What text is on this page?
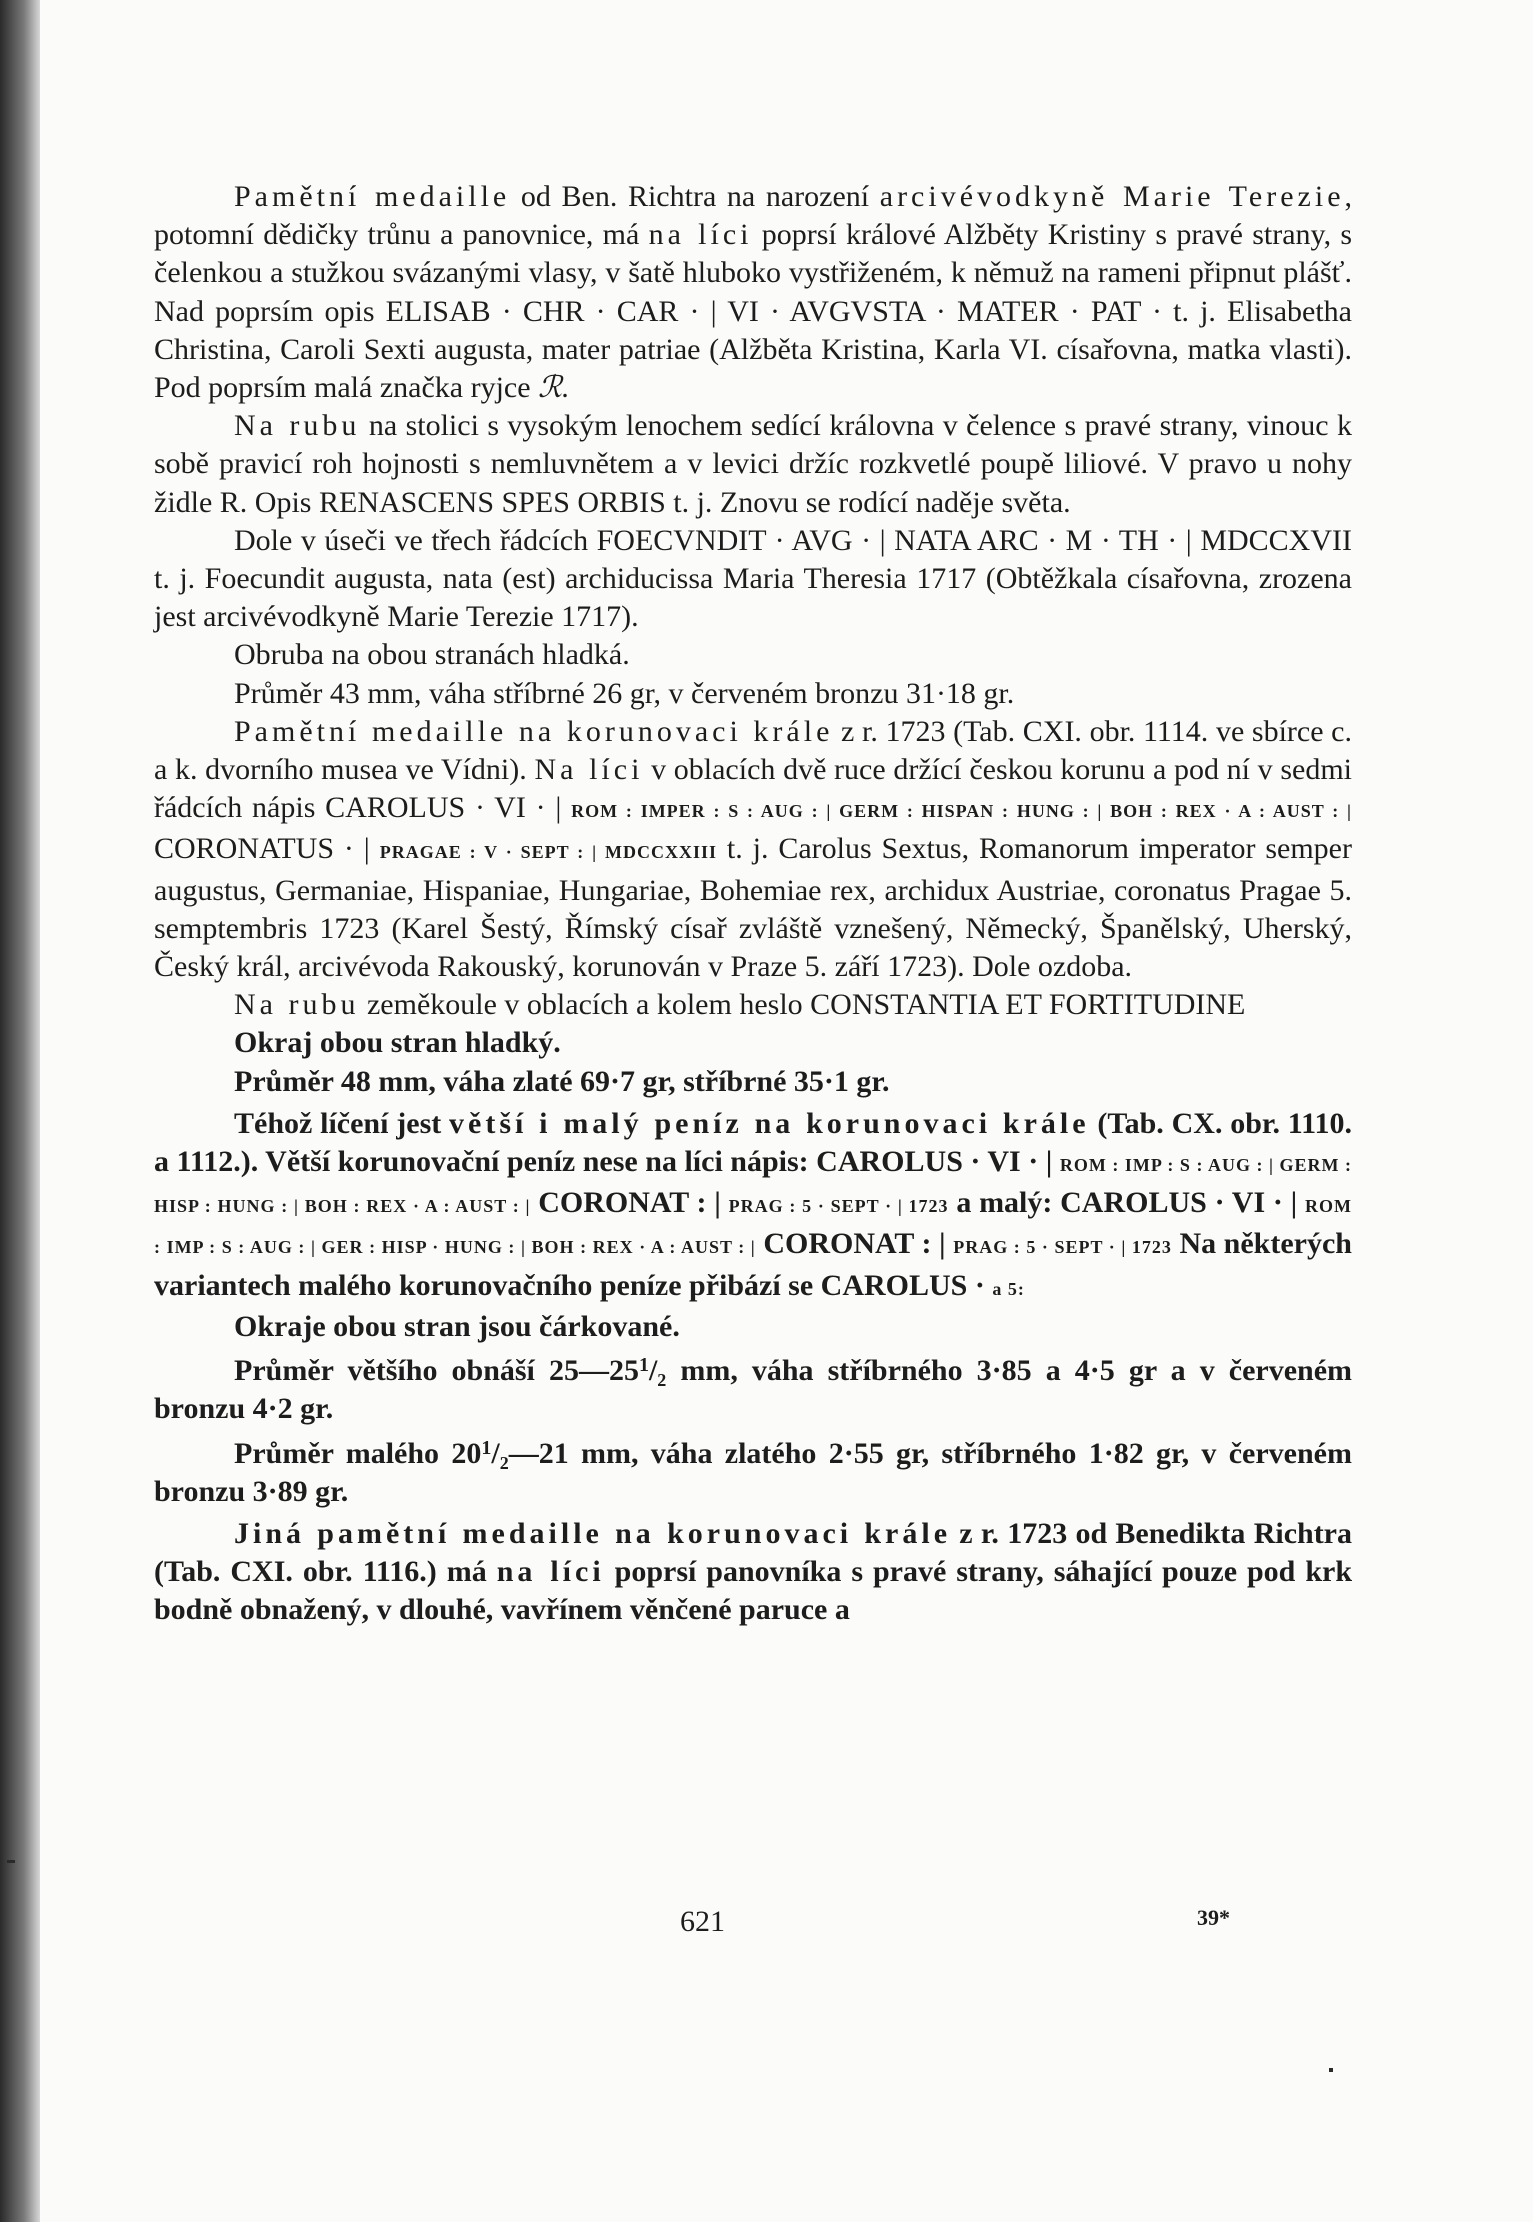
Pamětní medaille od Ben. Richtra na narození arcivévodkyně Marie Terezie, potomní dědičky trůnu a panovnice, má na líci poprsí králové Alžběty Kristiny s pravé strany, s čelenkou a stužkou svázanými vlasy, v šatě hluboko vystřiženém, k němuž na rameni připnut plášť. Nad poprsím opis ELISAB · CHR · CAR · | VI · AVGVSTA · MATER · PAT · t. j. Elisabetha Christina, Caroli Sexti augusta, mater patriae (Alžběta Kristina, Karla VI. císařovna, matka vlasti). Pod poprsím malá značka ryjce ℛ.

Na rubu na stolici s vysokým lenochem sedící královna v čelence s pravé strany, vinouc k sobě pravicí roh hojnosti s nemluvnětem a v levici držíc rozkvetlé poupě liliové. V pravo u nohy židle R. Opis RENASCENS SPES ORBIS t. j. Znovu se rodící naděje světa.

Dole v úseči ve třech řádcích FOECVNDIT · AVG · | NATA ARC · M · TH · | MDCCXVII t. j. Foecundit augusta, nata (est) archiducissa Maria Theresia 1717 (Obtěžkala císařovna, zrozena jest arcivévodkyně Marie Terezie 1717).

Obruba na obou stranách hladká.

Průměr 43 mm, váha stříbrné 26 gr, v červeném bronzu 31·18 gr.

Pamětní medaille na korunovaci krále z r. 1723 (Tab. CXI. obr. 1114. ve sbírce c. a k. dvorního musea ve Vídni). Na líci v oblacích dvě ruce držící českou korunu a pod ní v sedmi řádcích nápis CAROLUS · VI · | ROM : IMPER : S : AUG : | GERM : HISPAN : HUNG : | BOH : REX · A : AUST : | CORONATUS · | PRAGAE : V · SEPT : | MDCCXXIII t. j. Carolus Sextus, Romanorum imperator semper augustus, Germaniae, Hispaniae, Hungariae, Bohemiae rex, archidux Austriae, coronatus Pragae 5. semptembris 1723 (Karel Šestý, Římský císař zvláště vznešený, Německý, Španělský, Uherský, Český král, arcivévoda Rakouský, korunován v Praze 5. září 1723). Dole ozdoba.

Na rubu zeměkoule v oblacích a kolem heslo CONSTANTIA ET FORTITUDINE

Okraj obou stran hladký.

Průměr 48 mm, váha zlaté 69·7 gr, stříbrné 35·1 gr.

Téhož líčení jest větší i malý peníz na korunovaci krále (Tab. CX. obr. 1110. a 1112.). Větší korunovační peníz nese na líci nápis: CAROLUS · VI · | ROM : IMP : S : AUG : | GERM : HISP : HUNG : | BOH : REX · A : AUST : | CORONAT : | PRAG : 5 · SEPT · | 1723 a malý: CAROLUS · VI · | ROM : IMP : S : AUG : | GER : HISP · HUNG : | BOH : REX · A : AUST : | CORONAT : | PRAG : 5 · SEPT · | 1723 Na některých variantech malého korunovačního peníze přibází se CAROLUS · a 5:

Okraje obou stran jsou čárkované.

Průměr většího obnáší 25—25$^1$/₂ mm, váha stříbrného 3·85 a 4·5 gr a v červeném bronzu 4·2 gr.

Průměr malého 20$^1$/₂—21 mm, váha zlatého 2·55 gr, stříbrného 1·82 gr, v červeném bronzu 3·89 gr.

Jiná pamětní medaille na korunovaci krále z r. 1723 od Benedikta Richtra (Tab. CXI. obr. 1116.) má na líci poprsí panovníka s pravé strany, sáhající pouze pod krk bodně obnažený, v dlouhé, vavřínem věnčené paruce a

621	39*
